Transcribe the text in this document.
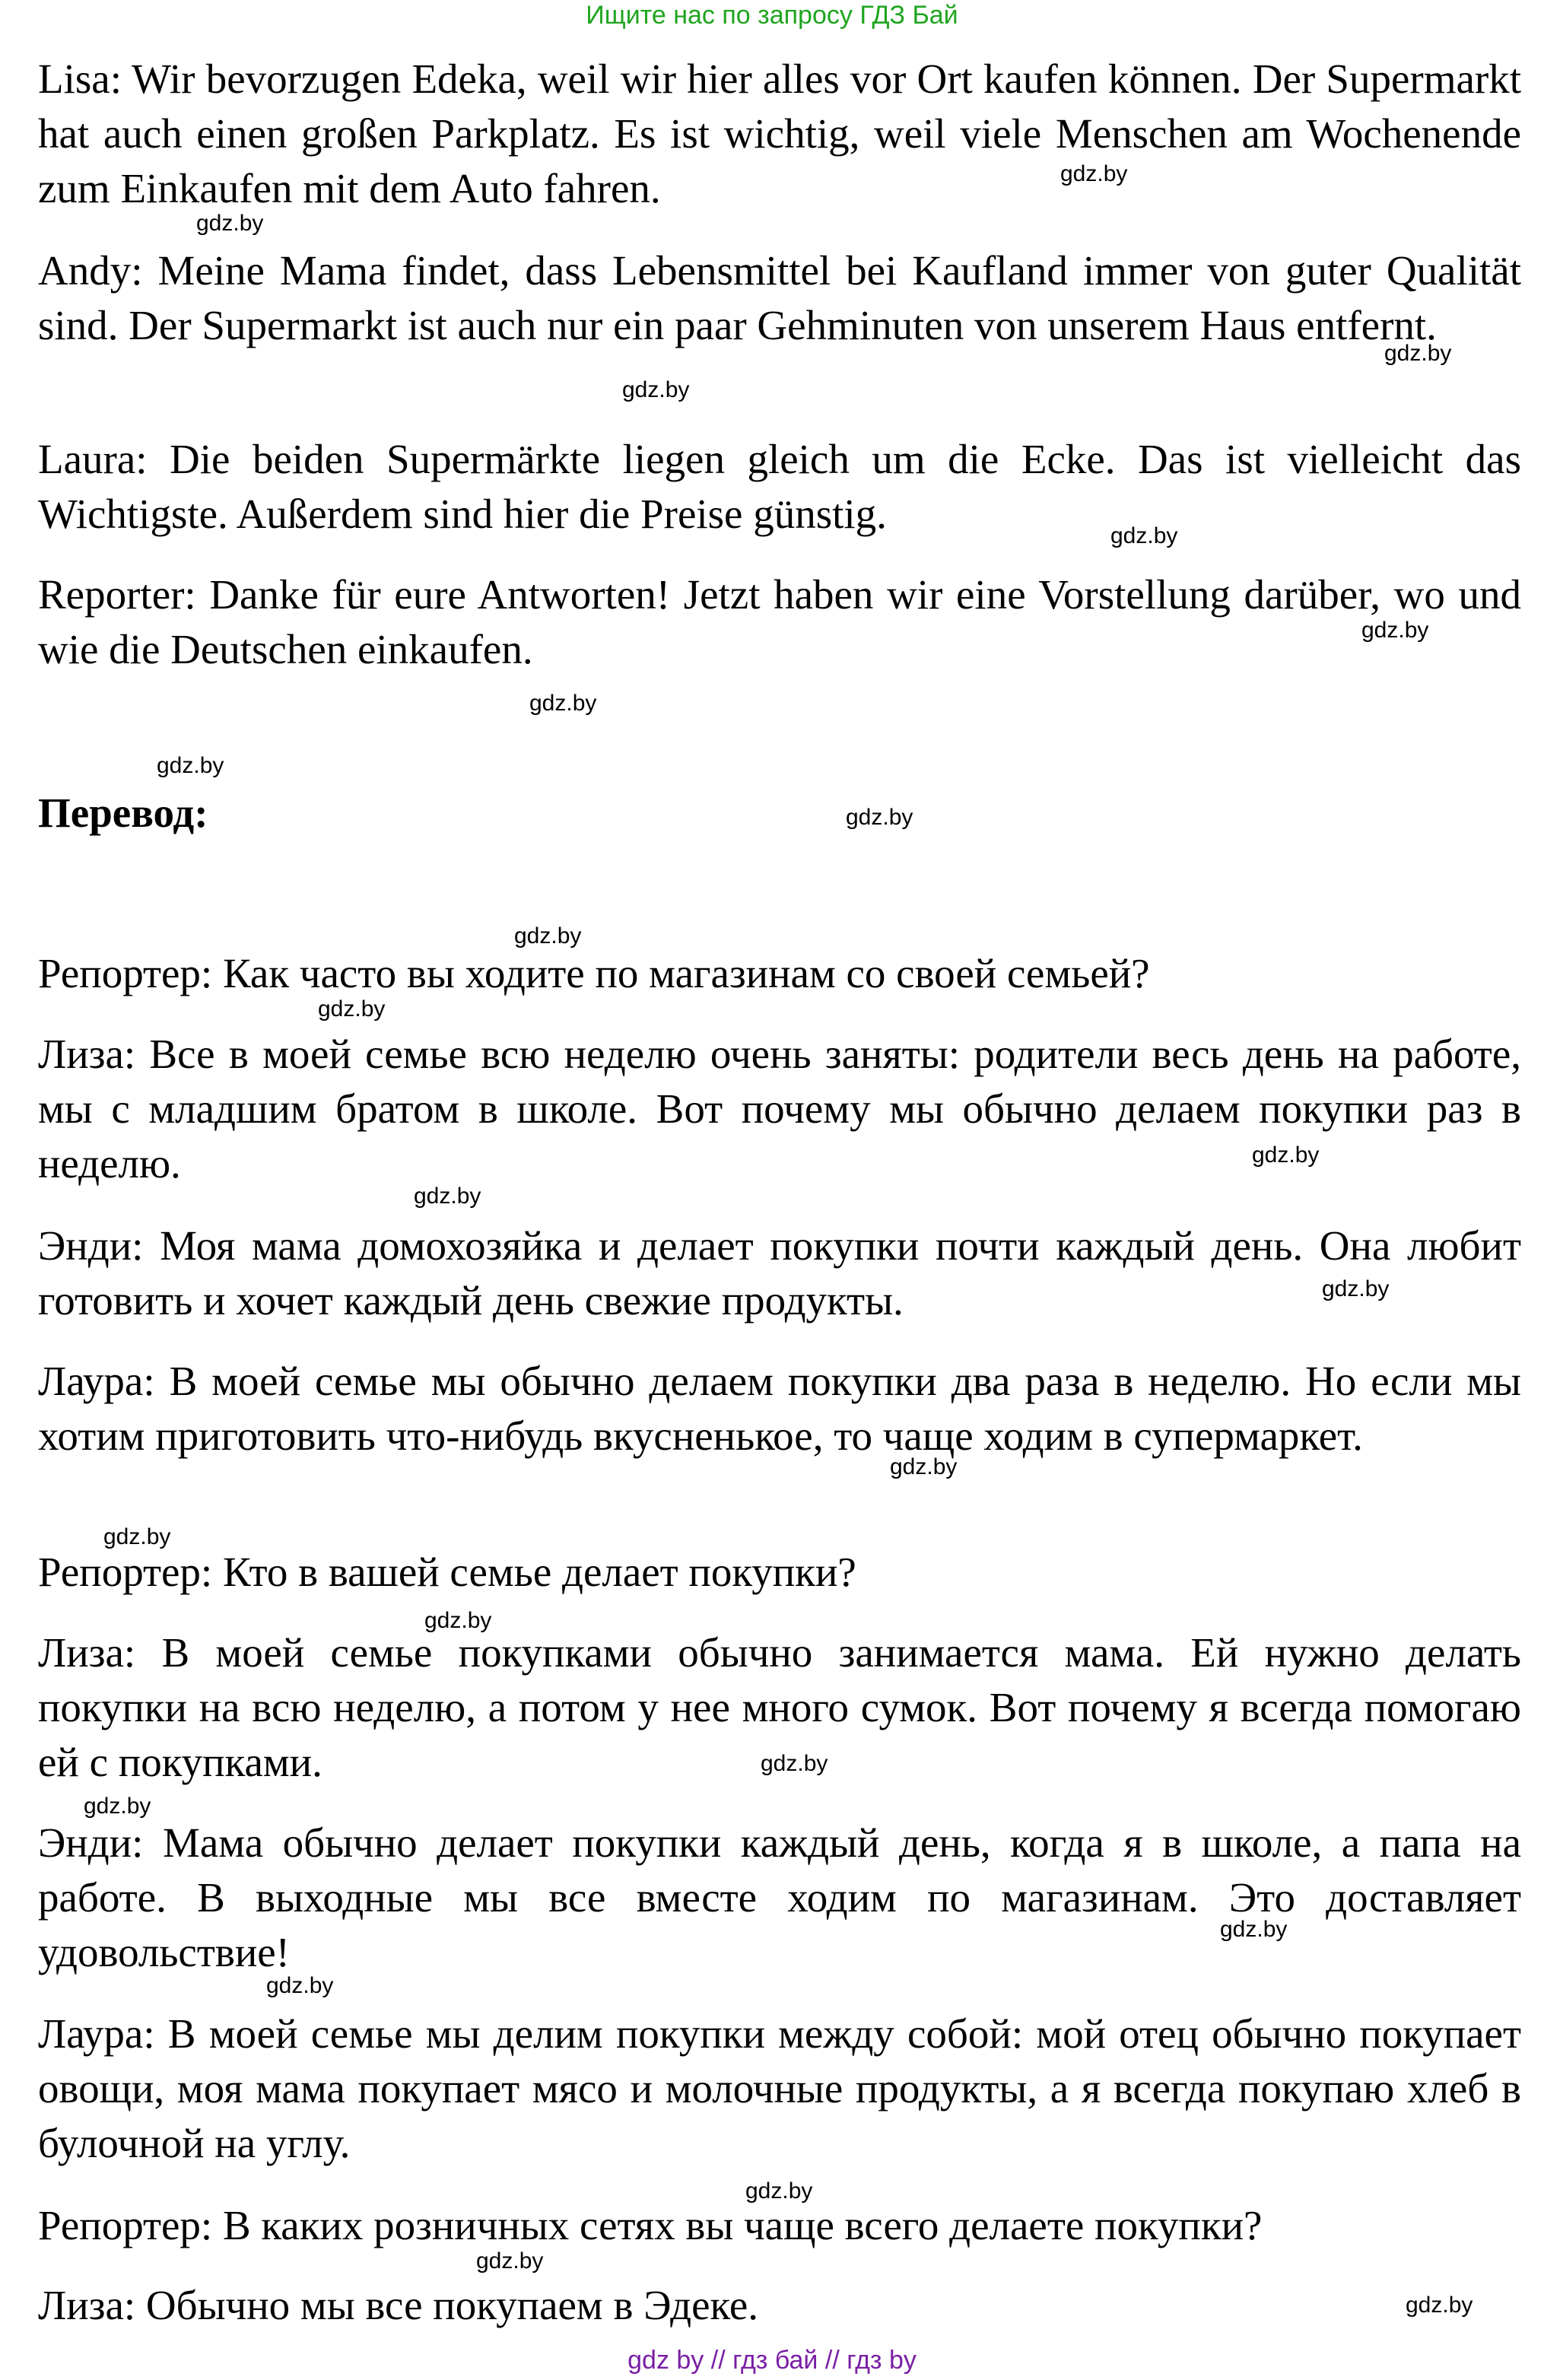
Ищите нас по запросу ГДЗ Бай

Lisa: Wir bevorzugen Edeka, weil wir hier alles vor Ort kaufen können. Der Supermarkt hat auch einen großen Parkplatz. Es ist wichtig, weil viele Menschen am Wochenende zum Einkaufen mit dem Auto fahren.

Andy: Meine Mama findet, dass Lebensmittel bei Kaufland immer von guter Qualität sind. Der Supermarkt ist auch nur ein paar Gehminuten von unserem Haus entfernt.

Laura: Die beiden Supermärkte liegen gleich um die Ecke. Das ist vielleicht das Wichtigste. Außerdem sind hier die Preise günstig.

Reporter: Danke für eure Antworten! Jetzt haben wir eine Vorstellung darüber, wo und wie die Deutschen einkaufen.

Перевод:

Репортер: Как часто вы ходите по магазинам со своей семьей?

Лиза: Все в моей семье всю неделю очень заняты: родители весь день на работе, мы с младшим братом в школе. Вот почему мы обычно делаем покупки раз в неделю.

Энди: Моя мама домохозяйка и делает покупки почти каждый день. Она любит готовить и хочет каждый день свежие продукты.

Лаура: В моей семье мы обычно делаем покупки два раза в неделю. Но если мы хотим приготовить что-нибудь вкусненькое, то чаще ходим в супермаркет.

Репортер: Кто в вашей семье делает покупки?

Лиза: В моей семье покупками обычно занимается мама. Ей нужно делать покупки на всю неделю, а потом у нее много сумок. Вот почему я всегда помогаю ей с покупками.

Энди: Мама обычно делает покупки каждый день, когда я в школе, а папа на работе. В выходные мы все вместе ходим по магазинам. Это доставляет удовольствие!

Лаура: В моей семье мы делим покупки между собой: мой отец обычно покупает овощи, моя мама покупает мясо и молочные продукты, а я всегда покупаю хлеб в булочной на углу.

Репортер: В каких розничных сетях вы чаще всего делаете покупки?

Лиза: Обычно мы все покупаем в Эдеке.

gdz.by
gdz.by
gdz.by
gdz.by
gdz.by
gdz.by
gdz.by
gdz.by
gdz.by
gdz.by
gdz.by
gdz.by
gdz.by
gdz.by
gdz.by
gdz.by
gdz.by
gdz.by
gdz.by
gdz.by
gdz.by
gdz.by
gdz.by
gdz.by
gdz by // гдз бай // гдз by
